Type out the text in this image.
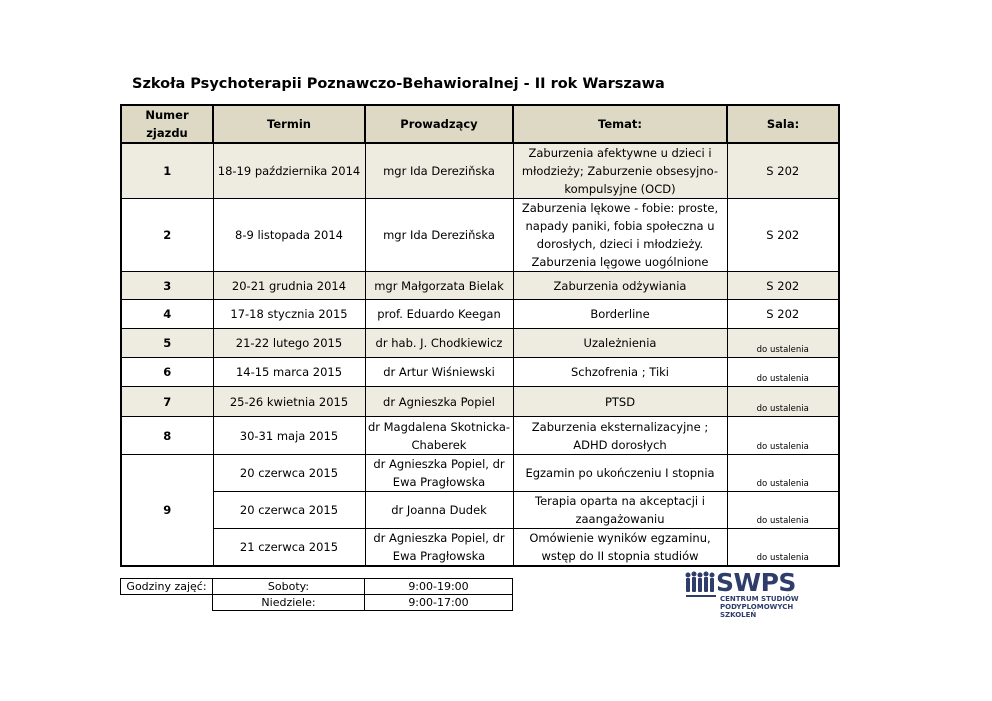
Szkoła Psychoterapii Poznawczo-Behawioralnej - II rok Warszawa
Numer zjazdu	Termin	Prowadzący	Temat:	Sala:
1	18-19 października 2014	mgr Ida Dereziňska	Zaburzenia afektywne u dzieci i młodzieży; Zaburzenie obsesyjno-kompulsyjne (OCD)	S 202
2	8-9 listopada 2014	mgr Ida Dereziňska	Zaburzenia lękowe - fobie: proste, napady paniki, fobia społeczna u dorosłych, dzieci i młodzieży. Zaburzenia lęgowe uogólnione	S 202
3	20-21 grudnia 2014	mgr Małgorzata Bielak	Zaburzenia odżywiania	S 202
4	17-18 stycznia 2015	prof. Eduardo Keegan	Borderline	S 202
5	21-22 lutego 2015	dr hab. J. Chodkiewicz	Uzależnienia	do ustalenia
6	14-15 marca 2015	dr Artur Wiśniewski	Schzofrenia ; Tiki	do ustalenia
7	25-26 kwietnia 2015	dr Agnieszka Popiel	PTSD	do ustalenia
8	30-31 maja 2015	dr Magdalena Skotnicka-Chaberek	Zaburzenia eksternalizacyjne ; ADHD dorosłych	do ustalenia
9	20 czerwca 2015	dr Agnieszka Popiel, dr Ewa Pragłowska	Egzamin po ukończeniu I stopnia	do ustalenia
	20 czerwca 2015	dr Joanna Dudek	Terapia oparta na akceptacji i zaangażowaniu	do ustalenia
	21 czerwca 2015	dr Agnieszka Popiel, dr Ewa Pragłowska	Omówienie wyników egzaminu, wstęp do II stopnia studiów	do ustalenia
Godziny zajęć:	Soboty:	9:00-19:00
	Niedziele:	9:00-17:00
SWPS
CENTRUM STUDIÓW
PODYPLOMOWYCH
SZKOLEŃ
